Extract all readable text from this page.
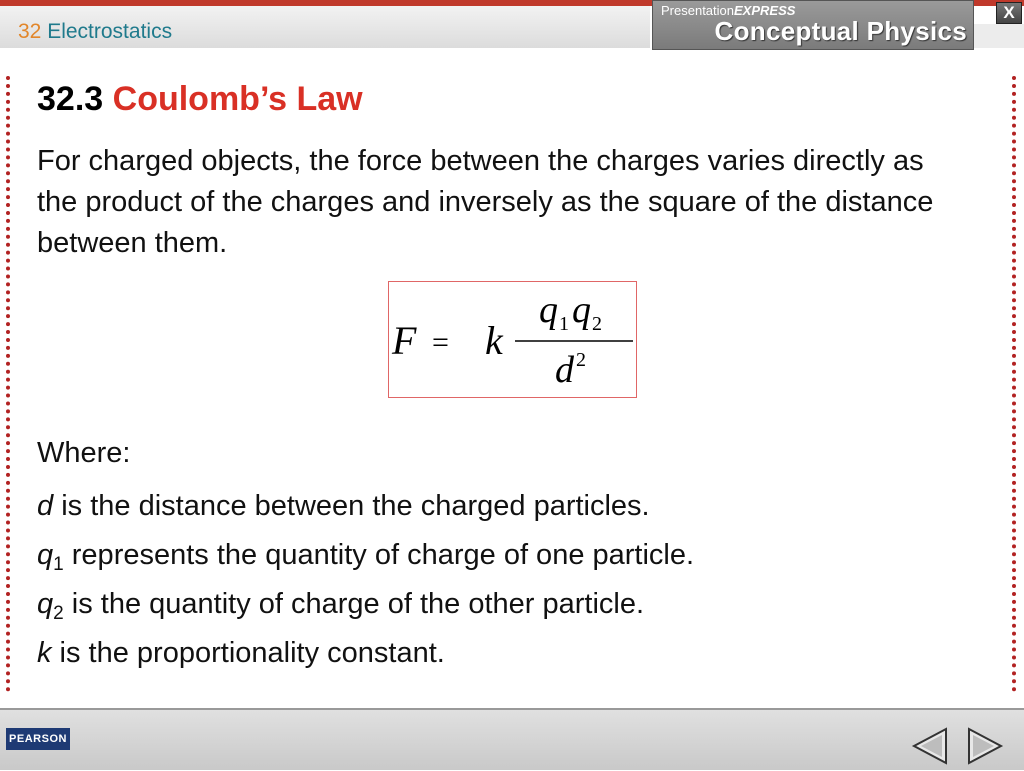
32 Electrostatics
PresentationEXPRESS
Conceptual Physics
X
32.3 Coulomb’s Law
For charged objects, the force between the charges varies directly as the product of the charges and inversely as the square of the distance between them.
F = k
q 1 q 2
d 2
Where:
d is the distance between the charged particles.
$q_1$ represents the quantity of charge of one particle.
$q_2$ is the quantity of charge of the other particle.
k is the proportionality constant.
PEARSON
